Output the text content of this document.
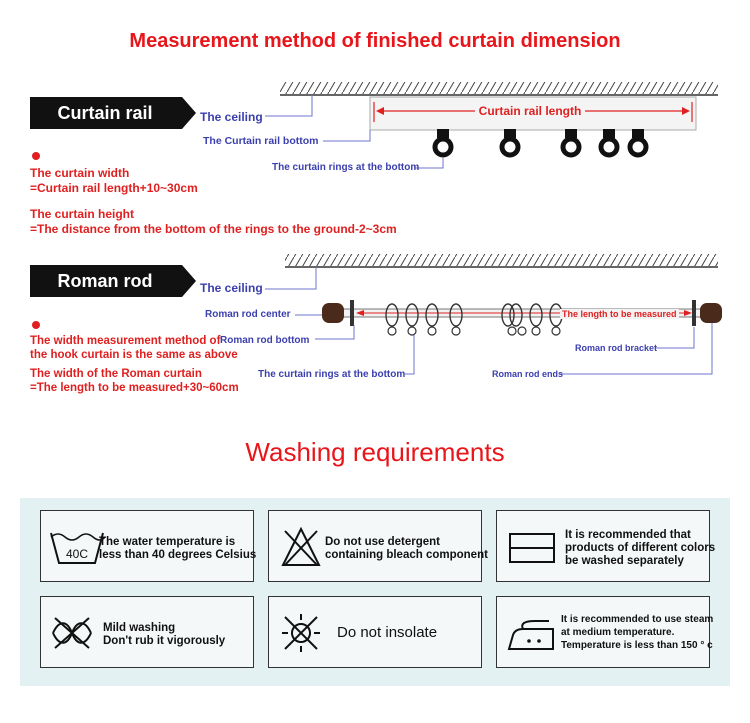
Measurement method of finished curtain dimension
Curtain rail
The curtain width
=Curtain rail length+10~30cm
The curtain height
=The distance from the bottom of the rings to the ground-2~3cm
Curtain rail length
The ceiling
The Curtain rail bottom
The curtain rings at the bottom
Roman rod
The width measurement method of
the hook curtain is the same as above
The width of the Roman curtain
=The length to be measured+30~60cm
The length to be measured
The ceiling
Roman rod center
Roman rod bottom
The curtain rings at the bottom
Roman rod bracket
Roman rod ends
Washing requirements
40C
The water temperature is
less than 40 degrees Celsius
Do not use detergent
containing bleach component
It is recommended that
products of different colors
be washed separately
Mild washing
Don't rub it vigorously	Do not insolate
It is recommended to use steam
at medium temperature.
Temperature is less than 150 ° c
